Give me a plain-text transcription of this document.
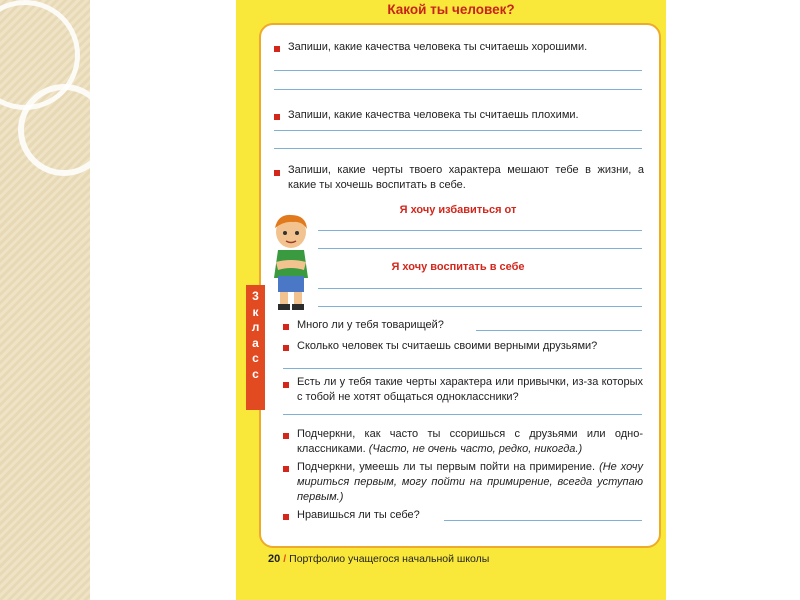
Какой ты человек?
3
к
л
а
с
с
Запиши, какие качества человека ты считаешь хорошими.
Запиши, какие качества человека ты считаешь плохими.
Запиши, какие черты твоего характера мешают тебе в жизни, а какие ты хочешь воспитать в себе.
Я хочу избавиться от
Я хочу воспитать в себе
Много ли у тебя товарищей?
Сколько человек ты считаешь своими верными друзьями?
Есть ли у тебя такие черты характера или привычки, из-за которых с тобой не хотят общаться одноклассники?
Подчеркни, как часто ты ссоришься с друзьями или одно-классниками. (Часто, не очень часто, редко, никогда.)
Подчеркни, умеешь ли ты первым пойти на примирение. (Не хочу мириться первым, могу пойти на примирение, всегда уступаю первым.)
Нравишься ли ты себе?
20 / Портфолио учащегося начальной школы
